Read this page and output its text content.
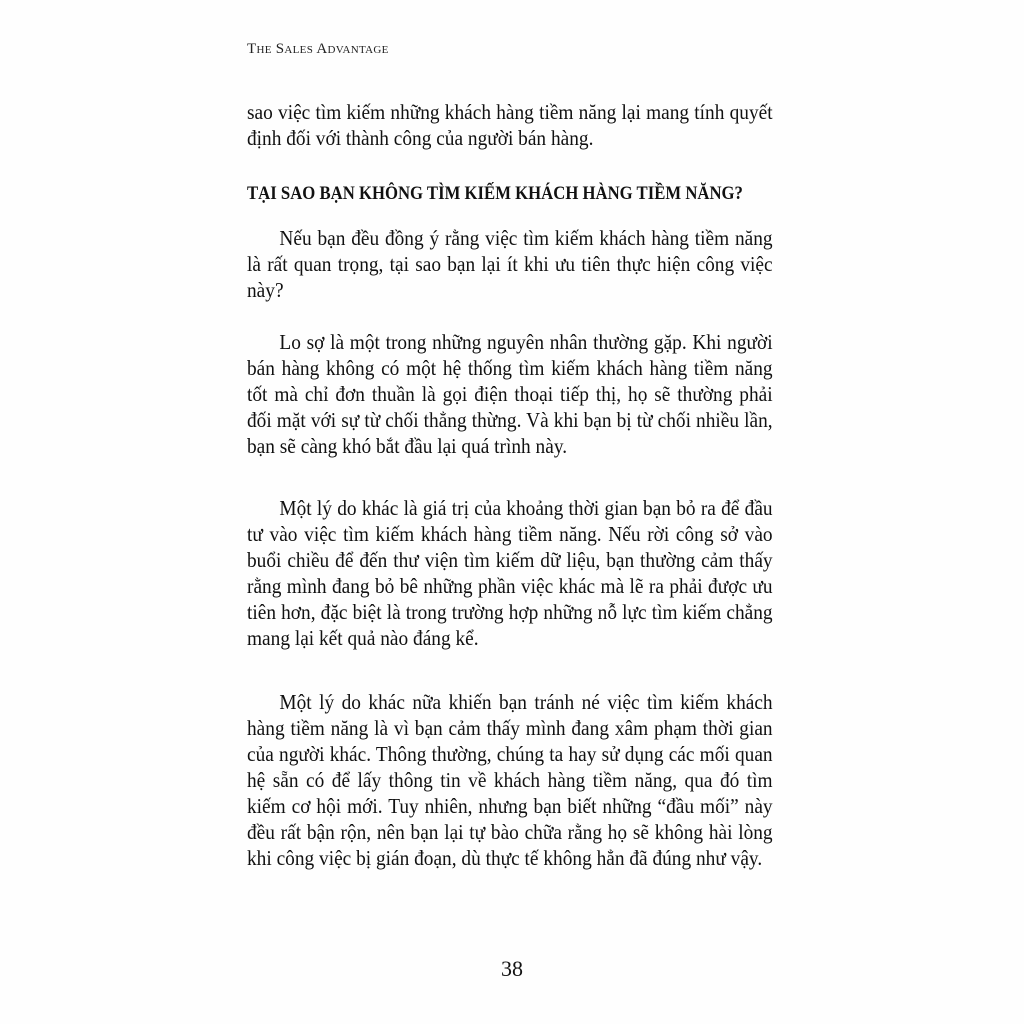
The Sales Advantage

sao việc tìm kiếm những khách hàng tiềm năng lại mang tính quyết định đối với thành công của người bán hàng.

TẠI SAO BẠN KHÔNG TÌM KIẾM KHÁCH HÀNG TIỀM NĂNG?

Nếu bạn đều đồng ý rằng việc tìm kiếm khách hàng tiềm năng là rất quan trọng, tại sao bạn lại ít khi ưu tiên thực hiện công việc này?

Lo sợ là một trong những nguyên nhân thường gặp. Khi người bán hàng không có một hệ thống tìm kiếm khách hàng tiềm năng tốt mà chỉ đơn thuần là gọi điện thoại tiếp thị, họ sẽ thường phải đối mặt với sự từ chối thẳng thừng. Và khi bạn bị từ chối nhiều lần, bạn sẽ càng khó bắt đầu lại quá trình này.

Một lý do khác là giá trị của khoảng thời gian bạn bỏ ra để đầu tư vào việc tìm kiếm khách hàng tiềm năng. Nếu rời công sở vào buổi chiều để đến thư viện tìm kiếm dữ liệu, bạn thường cảm thấy rằng mình đang bỏ bê những phần việc khác mà lẽ ra phải được ưu tiên hơn, đặc biệt là trong trường hợp những nỗ lực tìm kiếm chẳng mang lại kết quả nào đáng kể.

Một lý do khác nữa khiến bạn tránh né việc tìm kiếm khách hàng tiềm năng là vì bạn cảm thấy mình đang xâm phạm thời gian của người khác. Thông thường, chúng ta hay sử dụng các mối quan hệ sẵn có để lấy thông tin về khách hàng tiềm năng, qua đó tìm kiếm cơ hội mới. Tuy nhiên, nhưng bạn biết những “đầu mối” này đều rất bận rộn, nên bạn lại tự bào chữa rằng họ sẽ không hài lòng khi công việc bị gián đoạn, dù thực tế không hẳn đã đúng như vậy.

38
